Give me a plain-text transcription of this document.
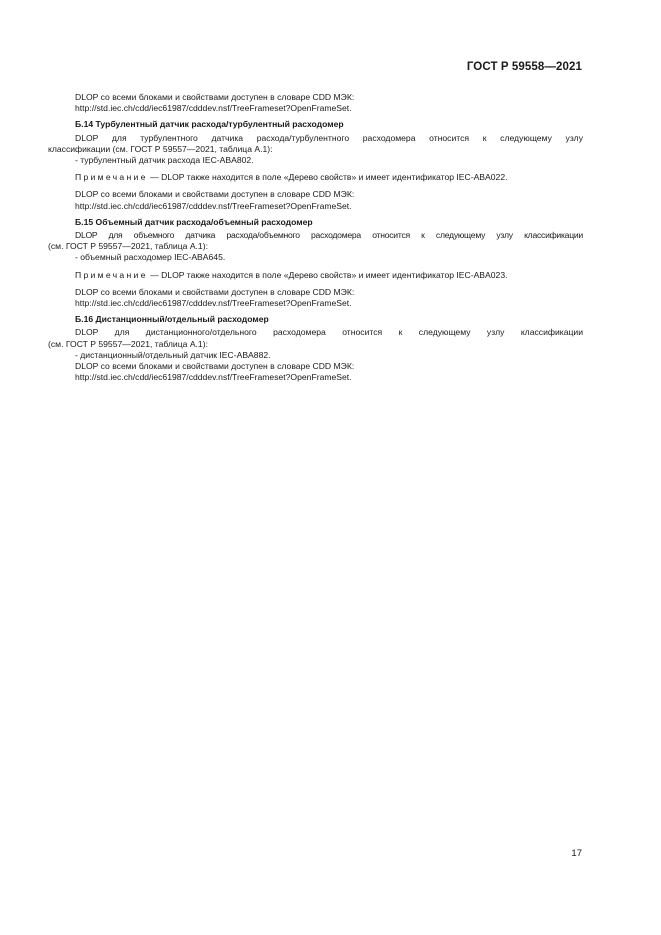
ГОСТ Р 59558—2021

DLOP со всеми блоками и свойствами доступен в словаре CDD МЭК:

http://std.iec.ch/cdd/iec61987/cdddev.nsf/TreeFrameset?OpenFrameSet.

Б.14 Турбулентный датчик расхода/турбулентный расходомер

DLOP для турбулентного датчика расхода/турбулентного расходомера относится к следующему узлу

классификации (см. ГОСТ Р 59557—2021, таблица А.1):

- турбулентный датчик расхода IEC-ABA802.

Примечание — DLOP также находится в поле «Дерево свойств» и имеет идентификатор IEC-ABA022.

DLOP со всеми блоками и свойствами доступен в словаре CDD МЭК:

http://std.iec.ch/cdd/iec61987/cdddev.nsf/TreeFrameset?OpenFrameSet.

Б.15 Объемный датчик расхода/объемный расходомер

DLOP для объемного датчика расхода/объемного расходомера относится к следующему узлу классификации

(см. ГОСТ Р 59557—2021, таблица А.1):

- объемный расходомер IEC-ABA645.

Примечание — DLOP также находится в поле «Дерево свойств» и имеет идентификатор IEC-ABA023.

DLOP со всеми блоками и свойствами доступен в словаре CDD МЭК:

http://std.iec.ch/cdd/iec61987/cdddev.nsf/TreeFrameset?OpenFrameSet.

Б.16 Дистанционный/отдельный расходомер

DLOP для дистанционного/отдельного расходомера относится к следующему узлу классификации

(см. ГОСТ Р 59557—2021, таблица А.1):

- дистанционный/отдельный датчик IEC-ABA882.

DLOP со всеми блоками и свойствами доступен в словаре CDD МЭК:

http://std.iec.ch/cdd/iec61987/cdddev.nsf/TreeFrameset?OpenFrameSet.

17
